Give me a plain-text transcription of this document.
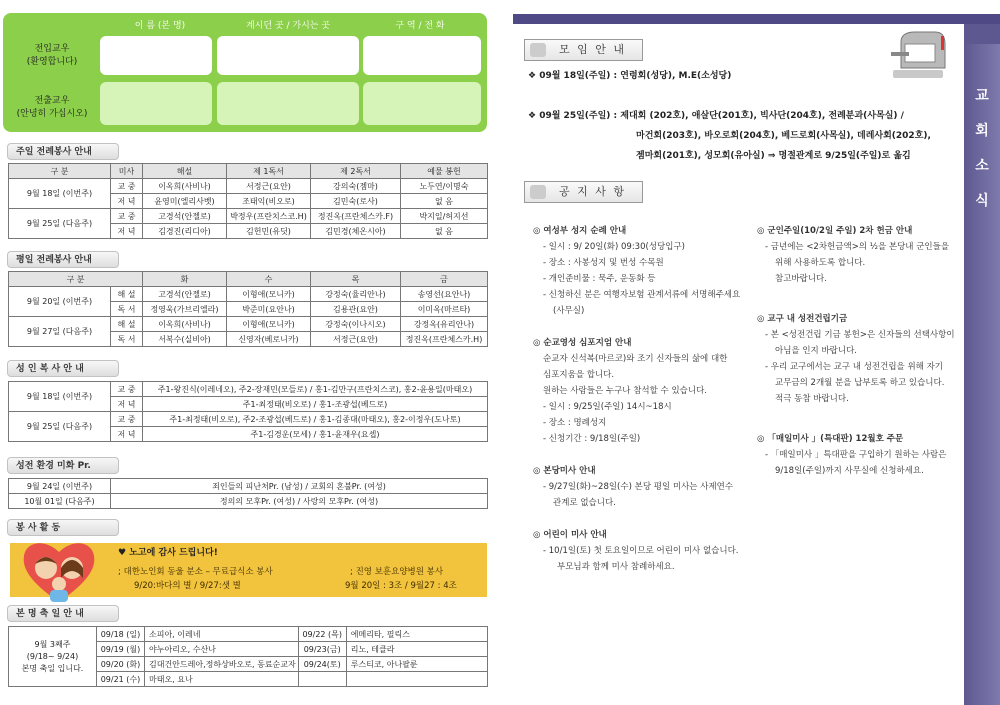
이 름 (본 명)	계시던 곳 / 가시는 곳	구 역 / 전 화
전입교우
(환영합니다)
전출교우
(안녕히 가십시오)
주일 전례봉사 안내
구 분	미사	해설	제 1독서	제 2독서	예물 봉헌
9월 18일 (이번주)	교 중	이옥희(사비나)	서정근(요안)	강의숙(젬마)	노두연/이명숙
	저 녁	윤영미(엘리사벳)	조태익(비오로)	김민숙(로사)	없 음
9월 25일 (다음주)	교 중	고경석(안젤로)	박정우(프란치스코.H)	정진옥(프란체스카.F)	박지일/허지선
	저 녁	김경진(리디아)	김헌민(유딧)	김민경(체온시아)	없 음
평일 전례봉사 안내
구 분		화	수	목	금
9월 20일 (이번주)	해 설	고경석(안젤로)	이형애(모니카)	강정숙(율리안나)	송영선(요안나)
	독 서	정영욱(가브리엘라)	박준미(요안나)	김용관(요안)	이미옥(마르타)
9월 27일 (다음주)	해 설	이옥희(사비나)	이형애(모니카)	강정숙(이나시오)	강정옥(유리안나)
	독 서	서복수(실비아)	신영자(베로니카)	서정근(요안)	정진옥(프란체스카.H)
성 인 복 사 안 내
9월 18일 (이번주)	교 중	주1-왕진식(이레네오), 주2-장재민(모들로) / 홍1-김만구(프란치스코), 홍2-윤용일(마태오)
	저 녁	주1-최정태(비오로) / 홍1-조광섭(베드로)
9월 25일 (다음주)	교 중	주1-최정태(비오로), 주2-조광섭(베드로) / 홍1-김종대(마태오), 홍2-이정우(도나토)
	저 녁	주1-김경운(모세) / 홍1-윤재우(요셉)
성전 환경 미화 Pr.
9월 24일 (이번주)	죄인들의 피난처Pr. (남성) / 교회의 혼불Pr. (여성)
10월 01일 (다음주)	정의의 모후Pr. (여성) / 사랑의 모후Pr. (여성)
봉 사 활 동
♥ 노고에 감사 드립니다!
; 대한노인회 동울 분소 – 무료급식소 봉사
9/20:바다의 별 / 9/27:샛 별
; 진영 보훈요양병원 봉사
9월 20일 : 3조 / 9월27 : 4조
본 명 축 일 안 내
9월 3째주
(9/18~ 9/24)
본명 축일 입니다.	09/18 (일)	소피아, 이레네	09/22 (목)	에메리타, 필릭스
	09/19 (월)	야누아리오, 수산나	09/23(금)	리노, 테클라
	09/20 (화)	김대건안드레아,정하상바오로, 동료순교자	09/24(토)	루스티코, 아나팔룬
	09/21 (수)	마태오, 요나		
교
회
소
식
모 임 안 내
❖ 09월 18일(주일) : 연령회(성당), M.E(소성당)
❖ 09월 25일(주일) : 제대회 (202호), 애살단(201호), 빅사단(204호), 전례분과(사목실) /
마건회(203호), 바오로회(204호), 베드로회(사목실), 데레사회(202호),
젬마회(201호), 성모회(유아실) ⇒ 명절관계로 9/25일(주일)로 옮김
공 지 사 항
◎ 여성부 성지 순례 안내
- 일시 : 9/ 20일(화) 09:30(성당입구)
- 장소 : 사봉성지 및 번성 수목원
- 개인준비물 : 묵주, 운동화 등
- 신청하신 분은 여행자보험 관계서류에 서명해주세요
(사무실)
◎ 순교영성 심포지엄 안내
순교자 신석복(마르코)와 조기 신자들의 삶에 대한
심포지움을 합니다.
원하는 사람들은 누구나 참석할 수 있습니다.
- 일시 : 9/25일(주일) 14시~18시
- 장소 : 명례성지
- 신청기간 : 9/18일(주일)
◎ 본당미사 안내
- 9/27일(화)~28일(수) 본당 평일 미사는 사제연수
관계로 없습니다.
◎ 어린이 미사 안내
- 10/1일(토) 첫 토요일이므로 어린이 미사 없습니다.
부모님과 함께 미사 참례하세요.
◎ 군인주일(10/2일 주일) 2차 헌금 안내
- 금년에는 <2차헌금액>의 ½을 본당내 군인들을
위해 사용하도록 합니다.
참고바랍니다.
◎ 교구 내 성전건립기금
- 본 <성전건립 기금 봉헌>은 신자들의 선택사항이
아님을 인지 바랍니다.
- 우리 교구에서는 교구 내 성전건립을 위해 자기
교무금의 2개월 분을 납부토록 하고 있습니다.
적극 동참 바랍니다.
◎ 「매일미사 」(특대판) 12월호 주문
- 「매일미사 」특대판을 구입하기 원하는 사람은
9/18일(주일)까지 사무실에 신청하세요.
